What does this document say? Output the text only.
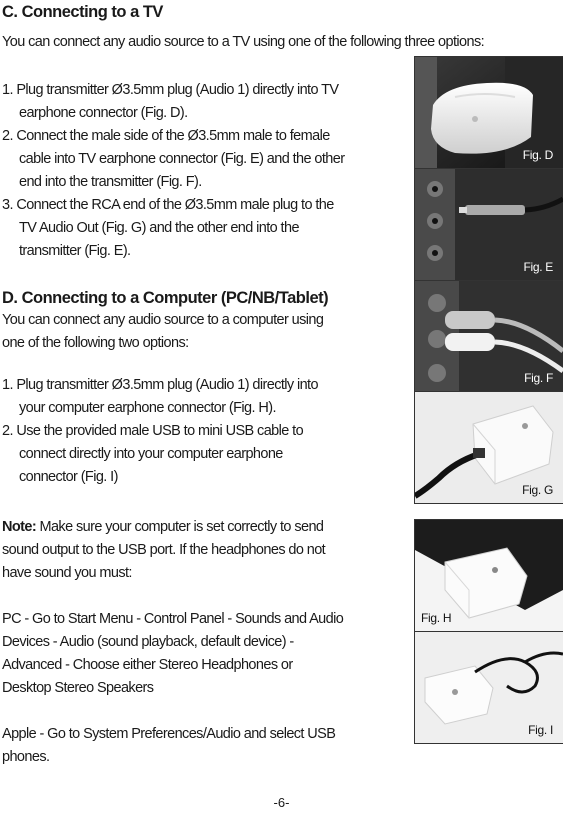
C. Connecting to a TV
You can connect any audio source to a TV using one of the following three options:
1. Plug transmitter Ø3.5mm plug (Audio 1) directly into TV
earphone connector (Fig. D).
2. Connect the male side of the Ø3.5mm male to female
cable into TV earphone connector (Fig. E) and the other
end into the transmitter (Fig. F).
3. Connect the RCA end of the Ø3.5mm male plug to the
TV Audio Out (Fig. G) and the other end into the
transmitter (Fig. E).
D. Connecting to a Computer (PC/NB/Tablet)
You can connect any audio source to a computer using
one of the following two options:
1. Plug transmitter Ø3.5mm plug (Audio 1) directly into
your computer earphone connector (Fig. H).
2. Use the provided male USB to mini USB cable to
connect directly into your computer earphone
connector (Fig. I)
Note: Make sure your computer is set correctly to send
sound output to the USB port. If the headphones do not
have sound you must:
PC - Go to Start Menu - Control Panel - Sounds and Audio
Devices - Audio (sound playback, default device) -
Advanced - Choose either Stereo Headphones or
Desktop Stereo Speakers
Apple - Go to System Preferences/Audio and select USB
phones.
Fig. D
Fig. E
Fig. F
Fig. G
Fig. H
Fig. I
-6-
